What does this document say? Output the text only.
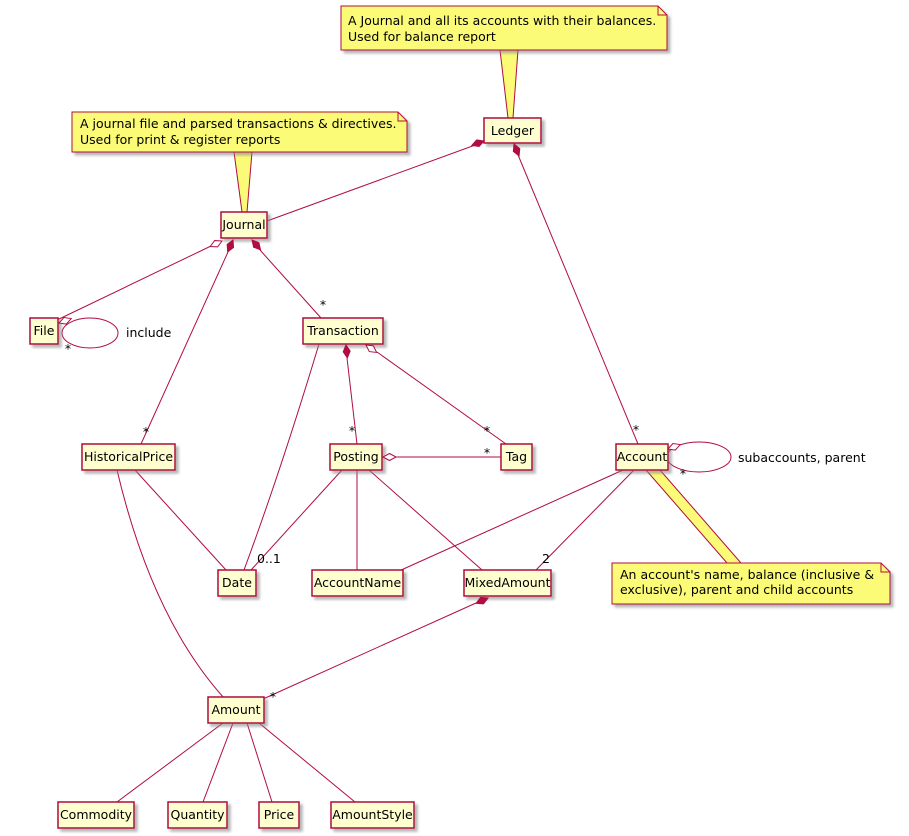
A Journal and all its accounts with their balances.
Used for balance report
A journal file and parsed transactions & directives.
Used for print & register reports
An account's name, balance (inclusive &
exclusive), parent and child accounts
Ledger
Journal
File	Transaction
HistoricalPrice	Posting	Tag	Account
Date	AccountName	MixedAmount
Amount
Commodity	Quantity	Price	AmountStyle
*
*
*	*
*
*
*
*
*
0..1	2
include
subaccounts, parent
